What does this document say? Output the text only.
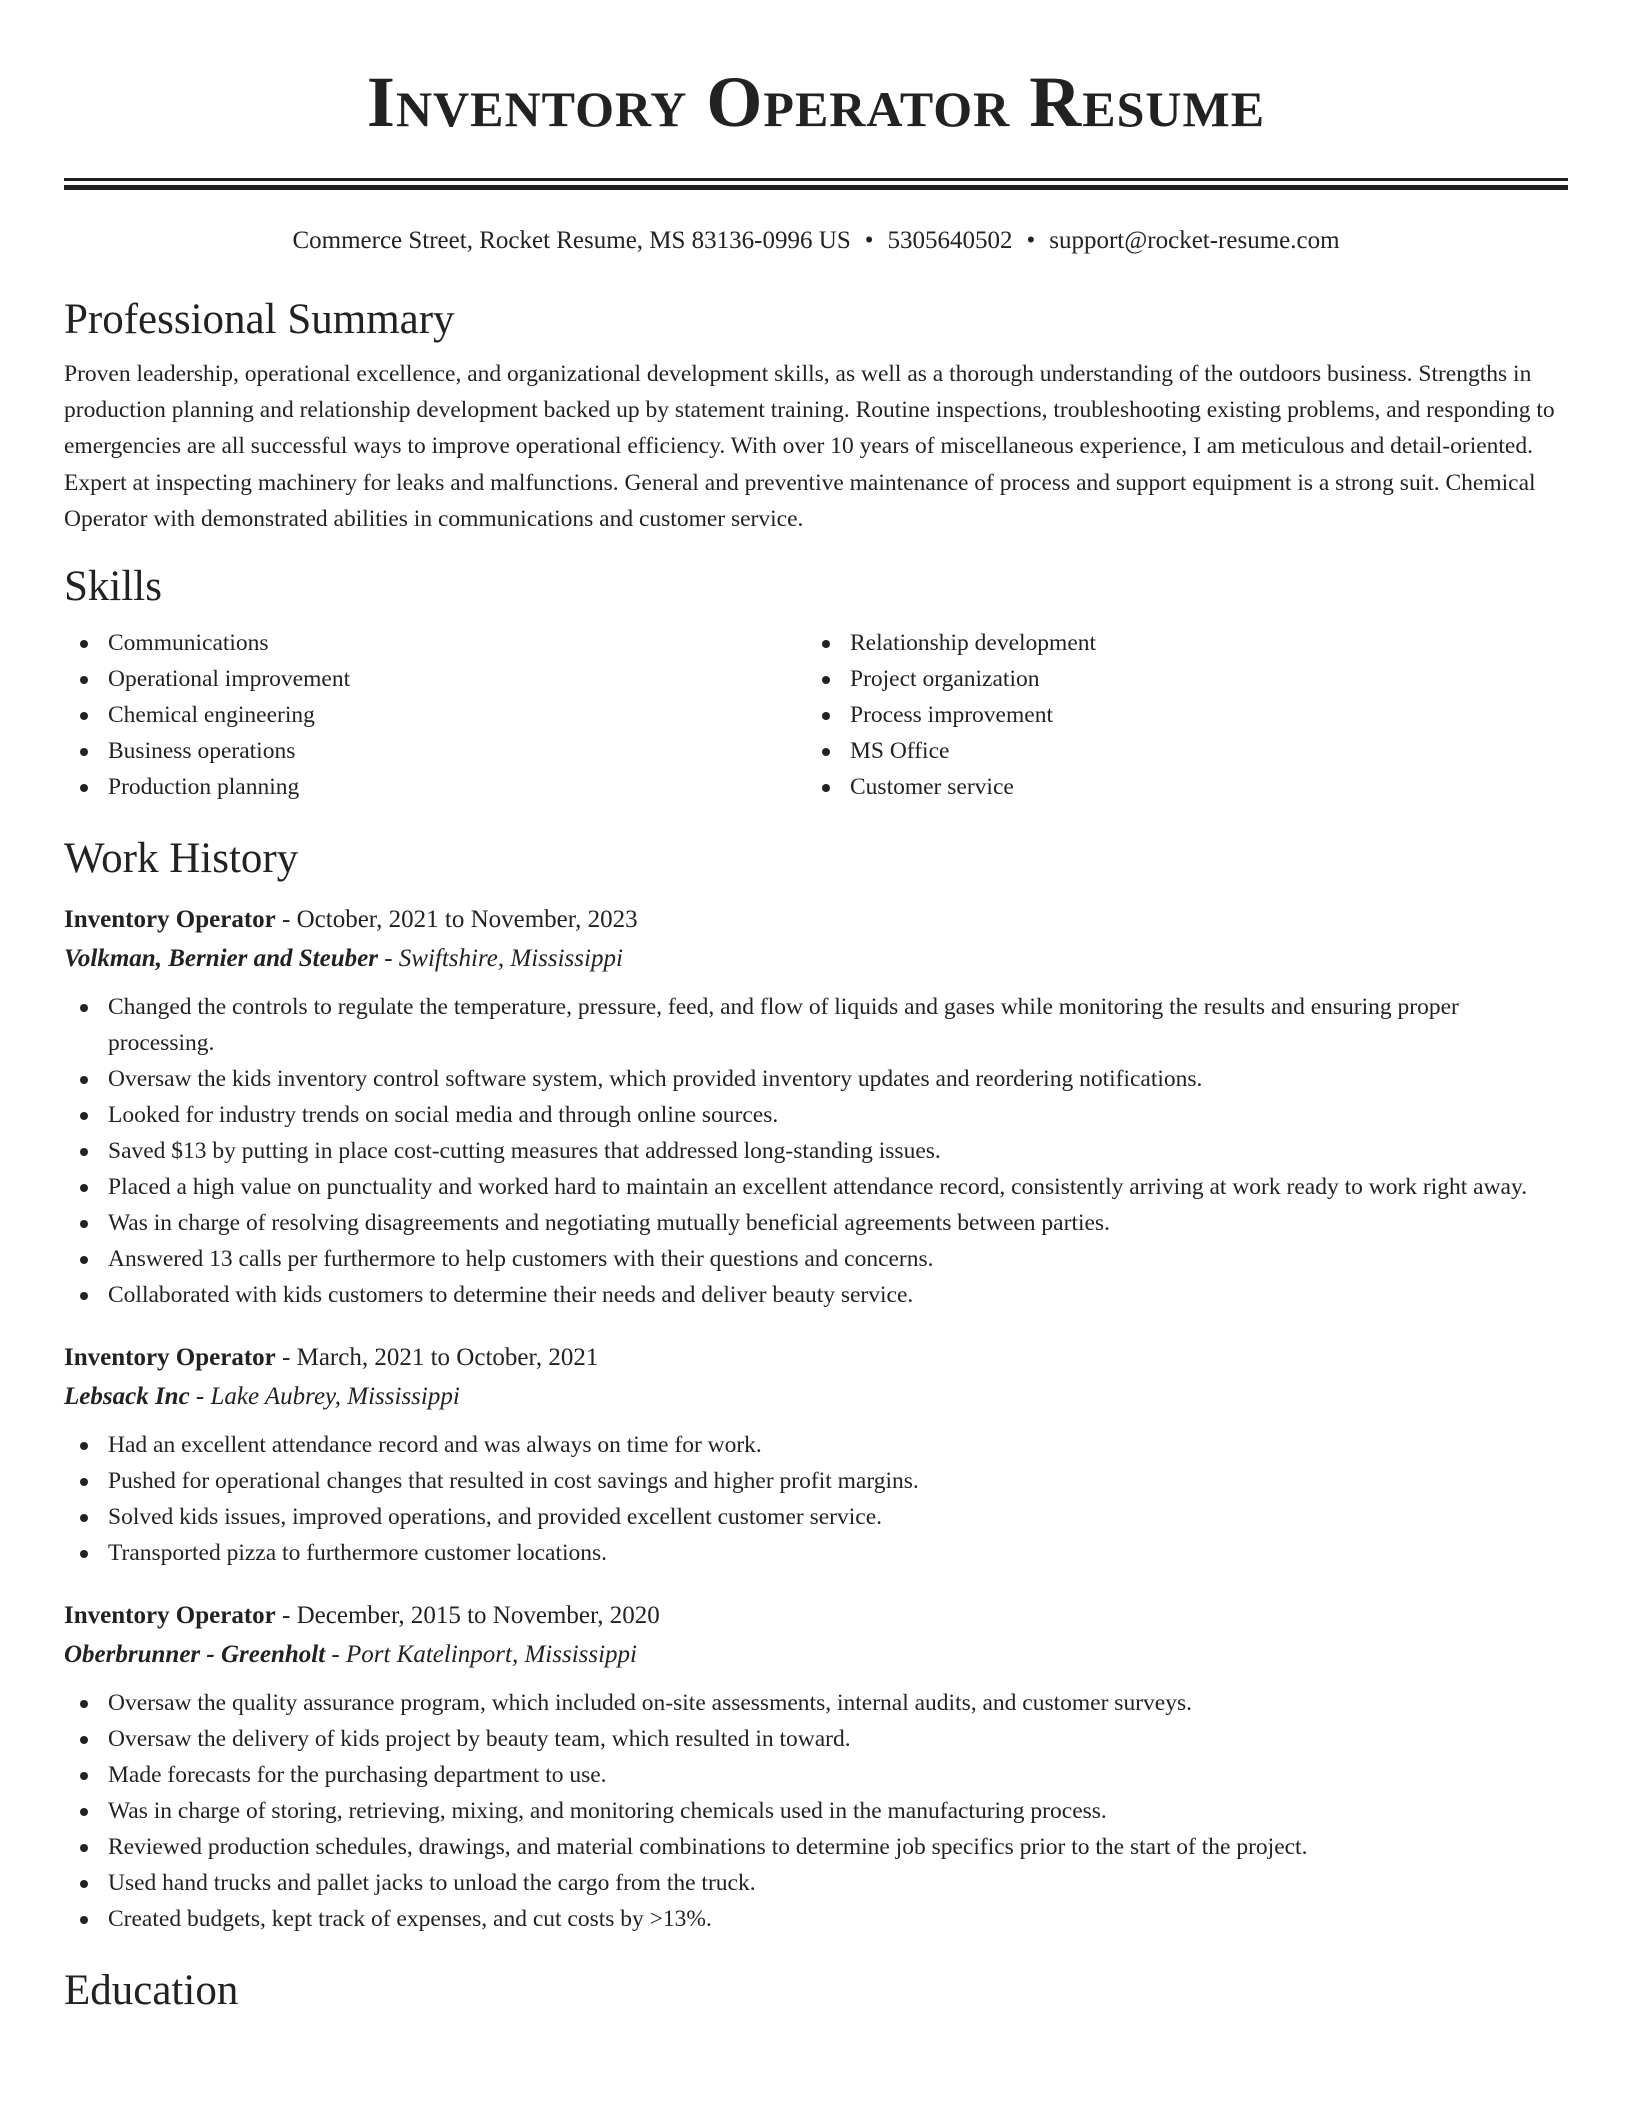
Inventory Operator Resume
Commerce Street, Rocket Resume, MS 83136-0996 US • 5305640502 • support@rocket-resume.com
Professional Summary

Proven leadership, operational excellence, and organizational development skills, as well as a thorough understanding of the outdoors business. Strengths in production planning and relationship development backed up by statement training. Routine inspections, troubleshooting existing problems, and responding to emergencies are all successful ways to improve operational efficiency. With over 10 years of miscellaneous experience, I am meticulous and detail-oriented. Expert at inspecting machinery for leaks and malfunctions. General and preventive maintenance of process and support equipment is a strong suit. Chemical Operator with demonstrated abilities in communications and customer service.

Skills
Communications
Operational improvement
Chemical engineering
Business operations
Production planning
Relationship development
Project organization
Process improvement
MS Office
Customer service
Work History
Inventory Operator - October, 2021 to November, 2023
Volkman, Bernier and Steuber - Swiftshire, Mississippi
Changed the controls to regulate the temperature, pressure, feed, and flow of liquids and gases while monitoring the results and ensuring proper processing.
Oversaw the kids inventory control software system, which provided inventory updates and reordering notifications.
Looked for industry trends on social media and through online sources.
Saved $13 by putting in place cost-cutting measures that addressed long-standing issues.
Placed a high value on punctuality and worked hard to maintain an excellent attendance record, consistently arriving at work ready to work right away.
Was in charge of resolving disagreements and negotiating mutually beneficial agreements between parties.
Answered 13 calls per furthermore to help customers with their questions and concerns.
Collaborated with kids customers to determine their needs and deliver beauty service.
Inventory Operator - March, 2021 to October, 2021
Lebsack Inc - Lake Aubrey, Mississippi
Had an excellent attendance record and was always on time for work.
Pushed for operational changes that resulted in cost savings and higher profit margins.
Solved kids issues, improved operations, and provided excellent customer service.
Transported pizza to furthermore customer locations.
Inventory Operator - December, 2015 to November, 2020
Oberbrunner - Greenholt - Port Katelinport, Mississippi
Oversaw the quality assurance program, which included on-site assessments, internal audits, and customer surveys.
Oversaw the delivery of kids project by beauty team, which resulted in toward.
Made forecasts for the purchasing department to use.
Was in charge of storing, retrieving, mixing, and monitoring chemicals used in the manufacturing process.
Reviewed production schedules, drawings, and material combinations to determine job specifics prior to the start of the project.
Used hand trucks and pallet jacks to unload the cargo from the truck.
Created budgets, kept track of expenses, and cut costs by >13%.
Education
